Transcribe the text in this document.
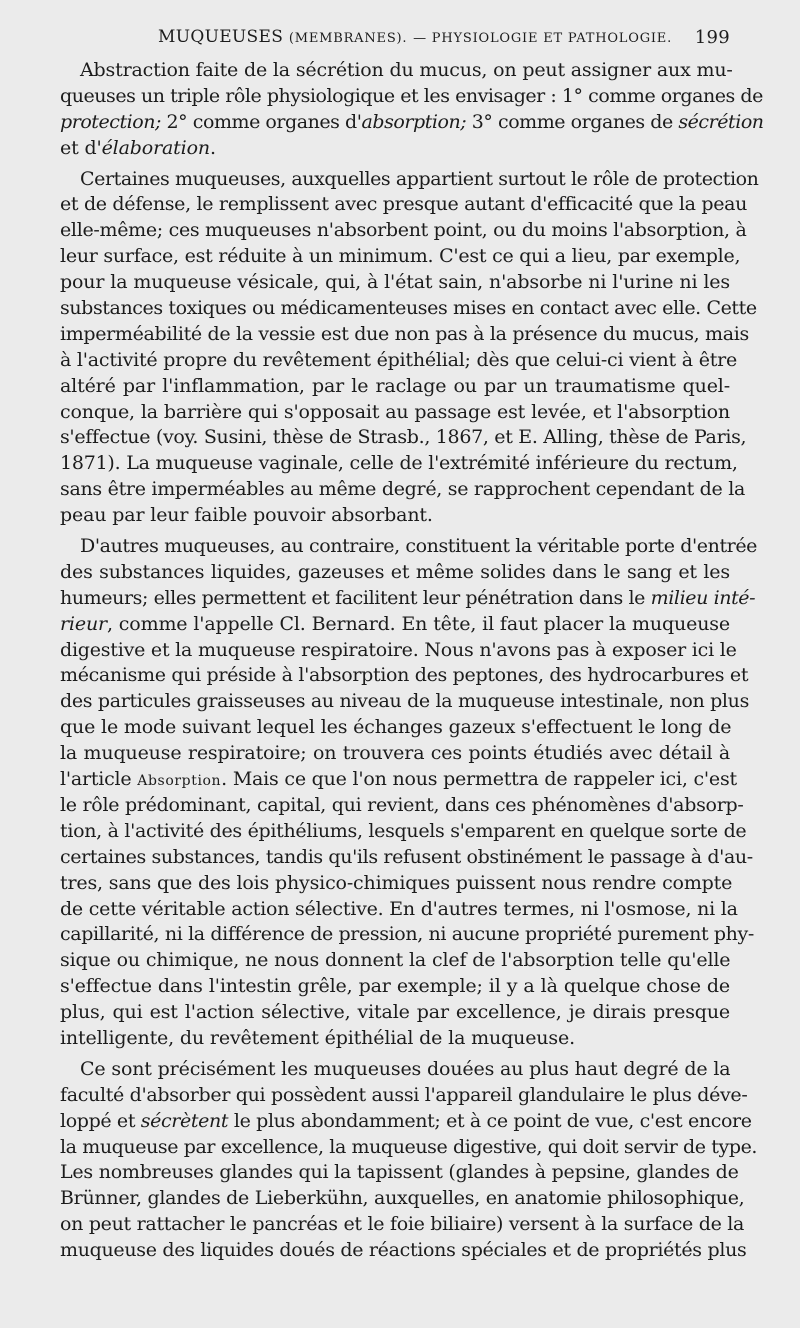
MUQUEUSES (MEMBRANES). — PHYSIOLOGIE ET PATHOLOGIE. 199
Abstraction faite de la sécrétion du mucus, on peut assigner aux mu-
queuses un triple rôle physiologique et les envisager : 1° comme organes de
protection; 2° comme organes d'absorption; 3° comme organes de sécrétion
et d'élaboration.
Certaines muqueuses, auxquelles appartient surtout le rôle de protection
et de défense, le remplissent avec presque autant d'efficacité que la peau
elle-même; ces muqueuses n'absorbent point, ou du moins l'absorption, à
leur surface, est réduite à un minimum. C'est ce qui a lieu, par exemple,
pour la muqueuse vésicale, qui, à l'état sain, n'absorbe ni l'urine ni les
substances toxiques ou médicamenteuses mises en contact avec elle. Cette
imperméabilité de la vessie est due non pas à la présence du mucus, mais
à l'activité propre du revêtement épithélial; dès que celui-ci vient à être
altéré par l'inflammation, par le raclage ou par un traumatisme quel-
conque, la barrière qui s'opposait au passage est levée, et l'absorption
s'effectue (voy. Susini, thèse de Strasb., 1867, et E. Alling, thèse de Paris,
1871). La muqueuse vaginale, celle de l'extrémité inférieure du rectum,
sans être imperméables au même degré, se rapprochent cependant de la
peau par leur faible pouvoir absorbant.
D'autres muqueuses, au contraire, constituent la véritable porte d'entrée
des substances liquides, gazeuses et même solides dans le sang et les
humeurs; elles permettent et facilitent leur pénétration dans le milieu inté-
rieur, comme l'appelle Cl. Bernard. En tête, il faut placer la muqueuse
digestive et la muqueuse respiratoire. Nous n'avons pas à exposer ici le
mécanisme qui préside à l'absorption des peptones, des hydrocarbures et
des particules graisseuses au niveau de la muqueuse intestinale, non plus
que le mode suivant lequel les échanges gazeux s'effectuent le long de
la muqueuse respiratoire; on trouvera ces points étudiés avec détail à
l'article Absorption. Mais ce que l'on nous permettra de rappeler ici, c'est
le rôle prédominant, capital, qui revient, dans ces phénomènes d'absorp-
tion, à l'activité des épithéliums, lesquels s'emparent en quelque sorte de
certaines substances, tandis qu'ils refusent obstinément le passage à d'au-
tres, sans que des lois physico-chimiques puissent nous rendre compte
de cette véritable action sélective. En d'autres termes, ni l'osmose, ni la
capillarité, ni la différence de pression, ni aucune propriété purement phy-
sique ou chimique, ne nous donnent la clef de l'absorption telle qu'elle
s'effectue dans l'intestin grêle, par exemple; il y a là quelque chose de
plus, qui est l'action sélective, vitale par excellence, je dirais presque
intelligente, du revêtement épithélial de la muqueuse.
Ce sont précisément les muqueuses douées au plus haut degré de la
faculté d'absorber qui possèdent aussi l'appareil glandulaire le plus déve-
loppé et sécrètent le plus abondamment; et à ce point de vue, c'est encore
la muqueuse par excellence, la muqueuse digestive, qui doit servir de type.
Les nombreuses glandes qui la tapissent (glandes à pepsine, glandes de
Brünner, glandes de Lieberkühn, auxquelles, en anatomie philosophique,
on peut rattacher le pancréas et le foie biliaire) versent à la surface de la
muqueuse des liquides doués de réactions spéciales et de propriétés plus
